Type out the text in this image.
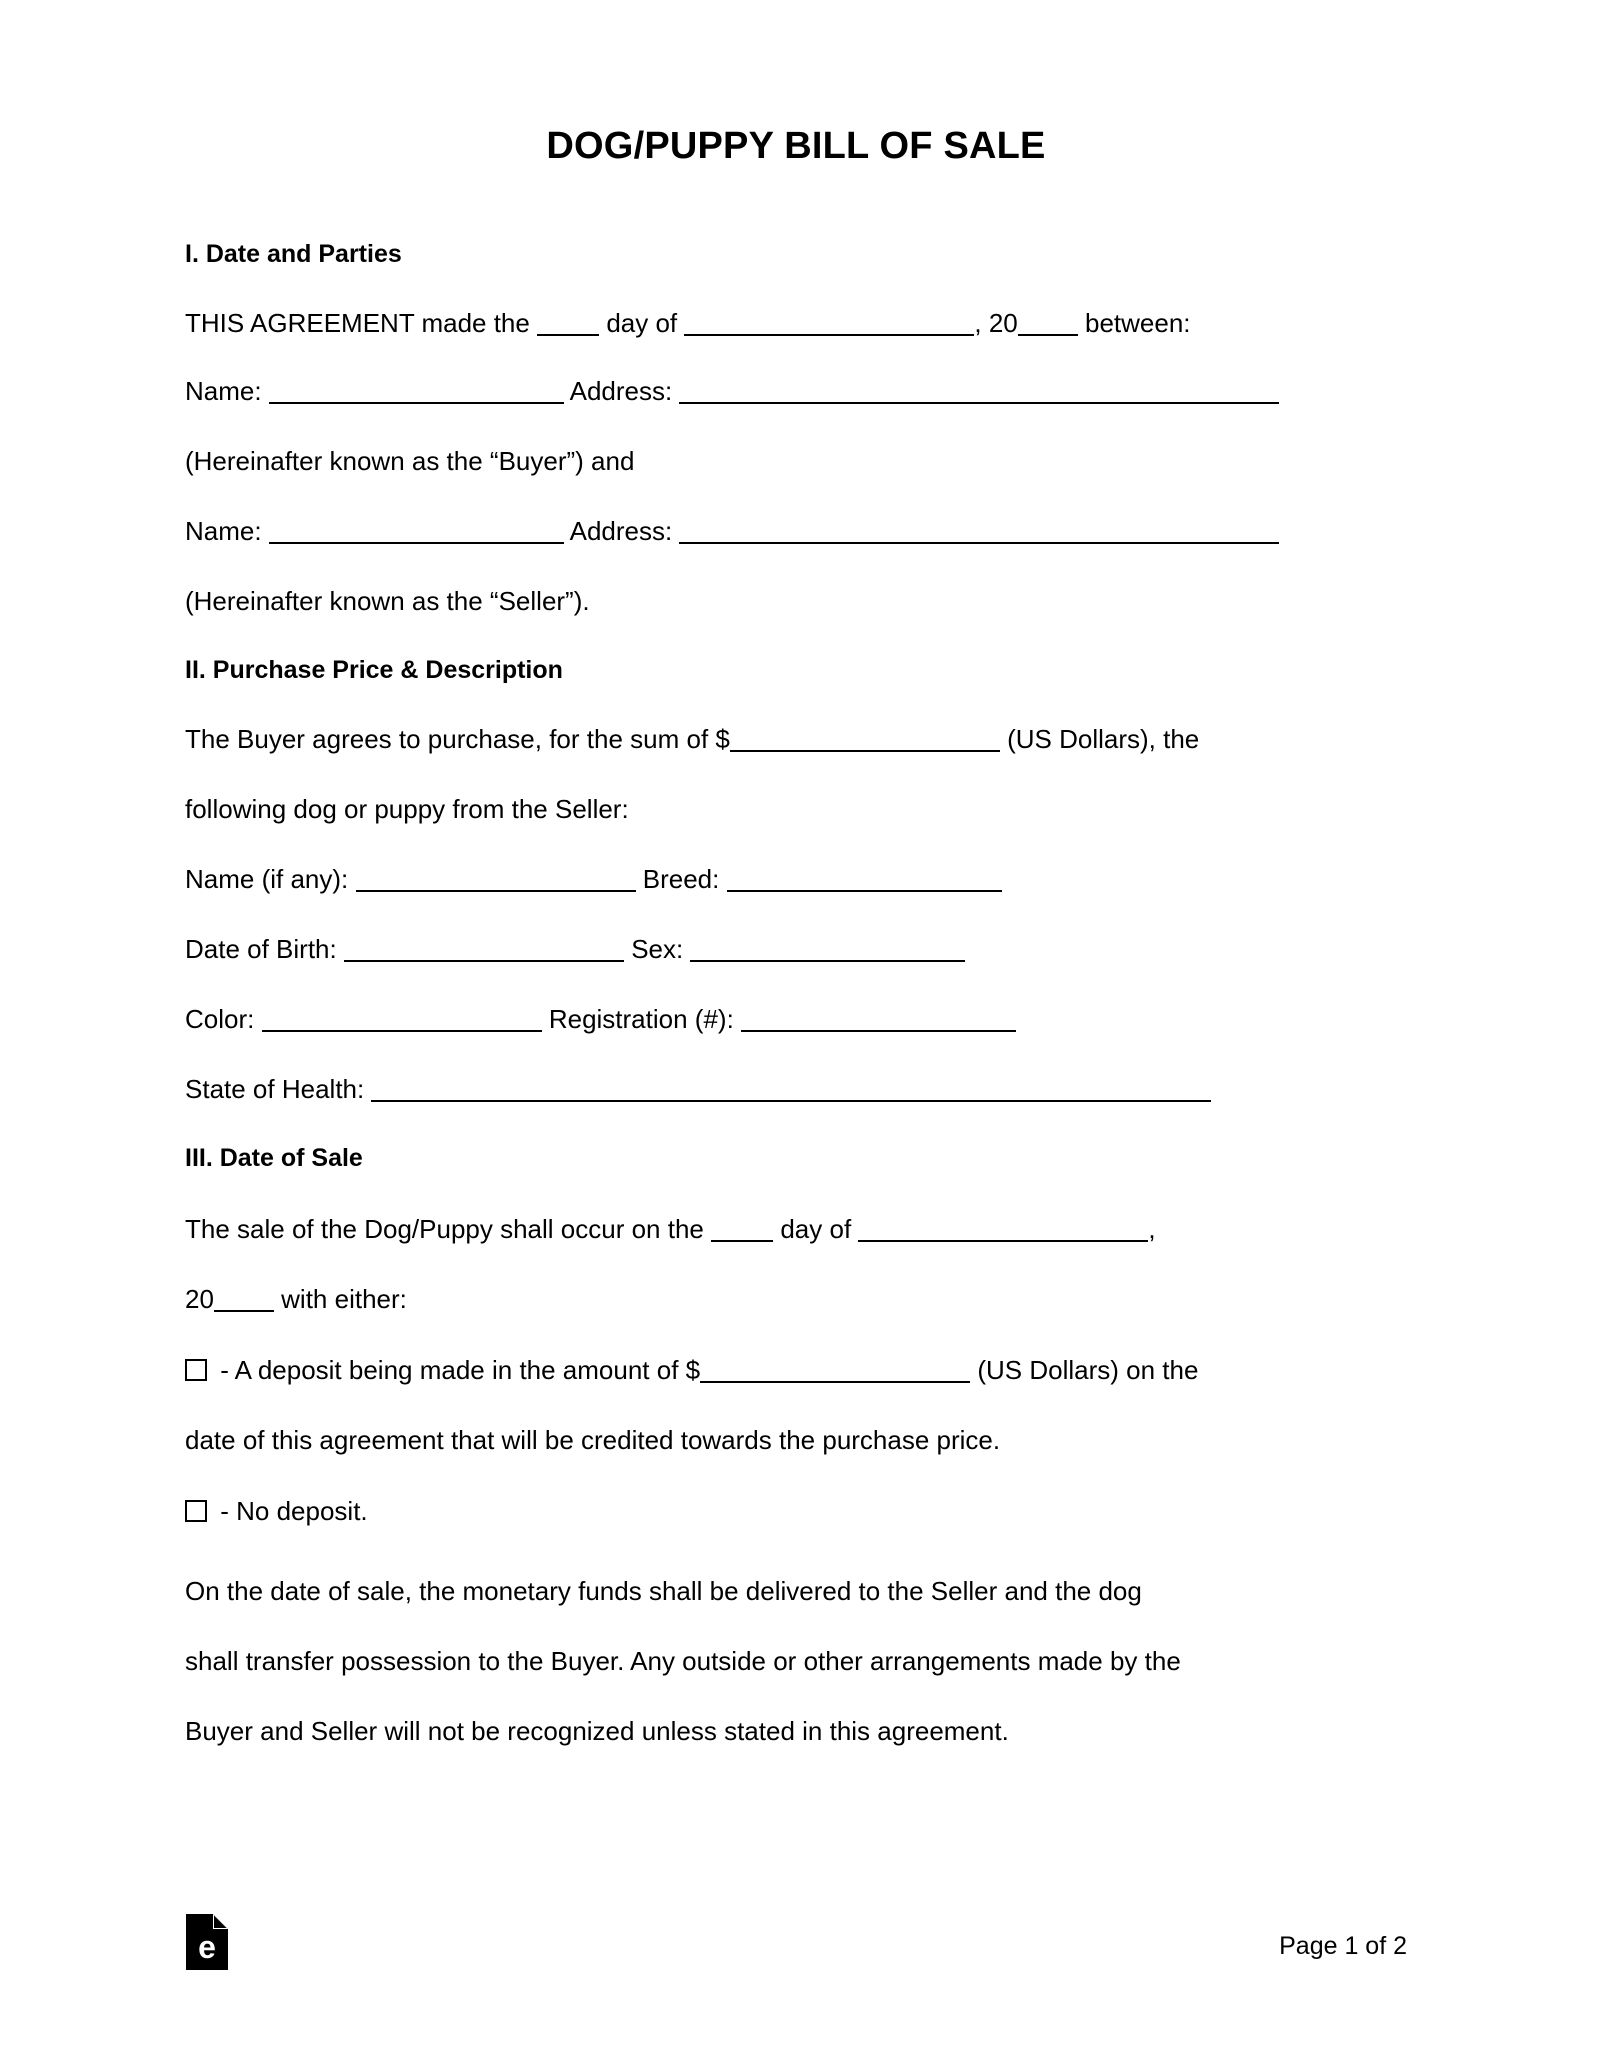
DOG/PUPPY BILL OF SALE
I. Date and Parties
THIS AGREEMENT made the	day of	, 20	between:
Name:	Address:
(Hereinafter known as the “Buyer”) and
Name:	Address:
(Hereinafter known as the “Seller”).
II. Purchase Price & Description
The Buyer agrees to purchase, for the sum of $	(US Dollars), the
following dog or puppy from the Seller:
Name (if any):	Breed:
Date of Birth:	Sex:
Color:	Registration (#):
State of Health:
III. Date of Sale
The sale of the Dog/Puppy shall occur on the	day of	,
20	with either:
- A deposit being made in the amount of $	(US Dollars) on the
date of this agreement that will be credited towards the purchase price.
- No deposit.
On the date of sale, the monetary funds shall be delivered to the Seller and the dog
shall transfer possession to the Buyer. Any outside or other arrangements made by the
Buyer and Seller will not be recognized unless stated in this agreement.
e	Page 1 of 2
